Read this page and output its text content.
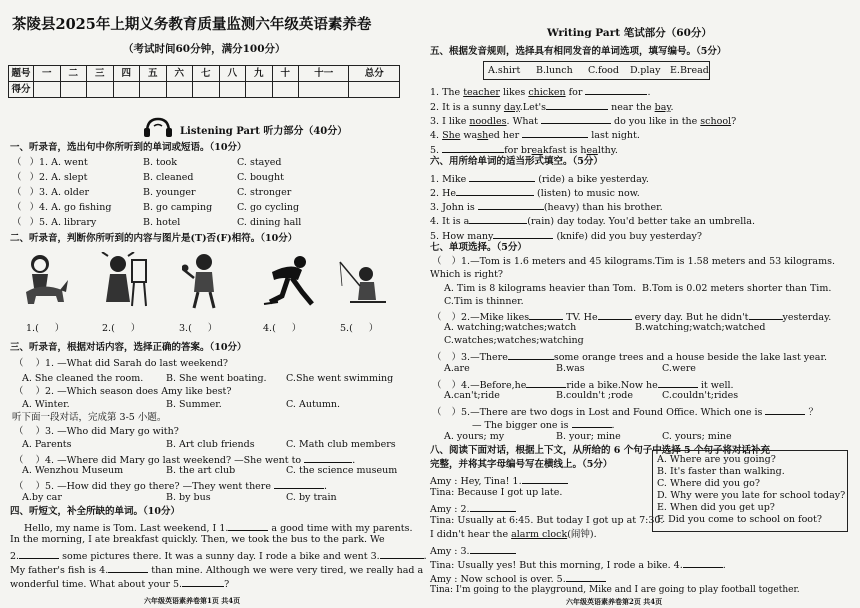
茶陵县2025年上期义务教育质量监测六年级英语素养卷
（考试时间60分钟，满分100分）
题号	一	二	三	四	五	六	七	八	九	十	十一	总分
得分												
Listening Part 听力部分（40分）
一、听录音，选出句中你所听到的单词或短语。（10分）
（ ）1. A. went	B. took	C. stayed
（ ）2. A. slept	B. cleaned	C. bought
（ ）3. A. older	B. younger	C. stronger
（ ）4. A. go fishing	B. go camping	C. go cycling
（ ）5. A. library	B. hotel	C. dining hall
二、听录音，判断你所听到的内容与图片是(T)否(F)相符。（10分）
1.( ）	2.( ）	3.( ）	4.( ）	5.( ）
三、听录音，根据对话内容，选择正确的答案。（10分）
（ ）1. —What did Sarah do last weekend?
A. She cleaned the room. B. She went boating. C.She went swimming
（ ）2. —Which season does Amy like best?
A. Winter.	B. Summer.	C. Autumn.
听下面一段对话，完成第 3-5 小题。
（ ）3. —Who did Mary go with?
A. Parents	B. Art club friends	C. Math club members
（ ）4. —Where did Mary go last weekend? —She went to	．
A. Wenzhou Museum	B. the art club	C. the science museum
（ ）5. —How did they go there? —They went there	．
A.by car	B. by bus	C. by train
四、听短文，补全所缺的单词。（10分）
Hello, my name is Tom. Last weekend, I 1.	a good time with my parents.
In the morning, I ate breakfast quickly. Then, we took the bus to the park. We
2.	some pictures there. It was a sunny day. I rode a bike and went 3.	．
My father's fish is 4.	than mine. Although we were very tired, we really had a
wonderful time. What about your 5.	?
六年级英语素养卷第1页 共4页
Writing Part 笔试部分（60分）
五、根据发音规则，选择具有相同发音的单词选项，填写编号。（5分）
A.shirt B.lunch C.food D.play E.Bread
1. The teacher likes chicken for	.
2. It is a sunny day.Let's	near the bay.
3. I like noodles. What	do you like in the school?
4. She washed her	last night.
5.	for breakfast is healthy.
六、用所给单词的适当形式填空。（5分）
1. Mike	(ride) a bike yesterday.
2. He	(listen) to music now.
3. John is	(heavy) than his brother.
4. It is a	(rain) day today. You'd better take an umbrella.
5. How many	(knife) did you buy yesterday?
七、单项选择。（5分）
（ ）1.—Tom is 1.6 meters and 45 kilograms.Tim is 1.58 meters and 53 kilograms.
Which is right?
A. Tim is 8 kilograms heavier than Tom. B.Tom is 0.02 meters shorter than Tim.
C.Tim is thinner.
（ ）2.—Mike likes	TV. He	every day. But he didn't	yesterday.
A. watching;watches;watch	B.watching;watch;watched
C.watches;watches;watching
（ ）3.—There	some orange trees and a house beside the lake last year.
A.are	B.was	C.were
（ ）4.—Before,he	ride a bike.Now he	it well.
A.can't;ride	B.couldn't ;rode	C.couldn't;rides
（ ）5.—There are two dogs in Lost and Found Office. Which one is	？
— The bigger one is	.
A. yours; my	B. your; mine	C. yours; mine
八、阅读下面对话，根据上下文，从所给的 6 个句子中选择 5 个句子将对话补充
完整，并将其字母编号写在横线上。（5分）
Amy : Hey, Tina! 1.
Tina: Because I got up late.
Amy : 2.
Tina: Usually at 6:45. But today I got up at 7:30.
I didn't hear the alarm clock(闹钟).
Amy : 3.
Tina: Usually yes! But this morning, I rode a bike. 4.	.
Amy : Now school is over. 5.
Tina: I'm going to the playground, Mike and I are going to play football together.
A. Where are you going?
B. It's faster than walking.
C. Where did you go?
D. Why were you late for school today?
E. When did you get up?
F. Did you come to school on foot?
六年级英语素养卷第2页 共4页
